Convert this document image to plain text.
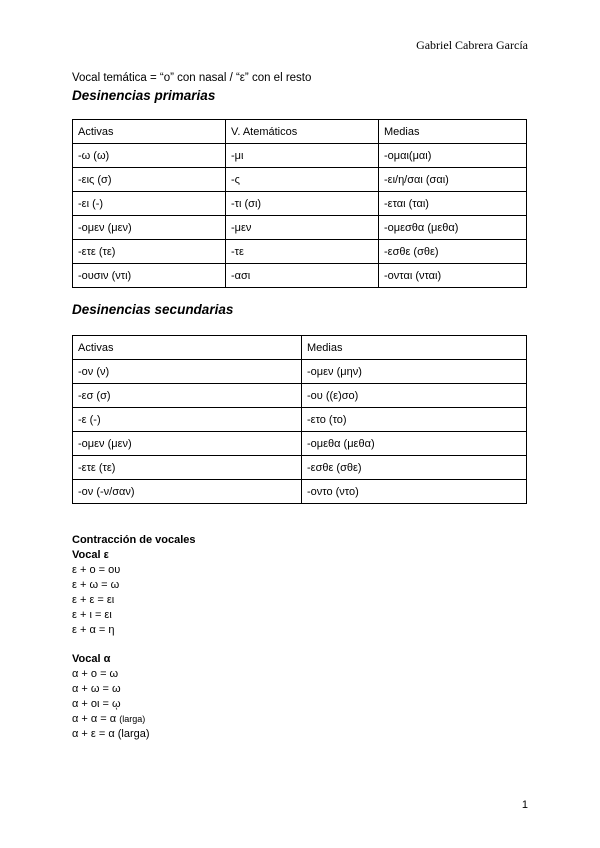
Gabriel Cabrera García
Vocal temática = “o” con nasal / “ε” con el resto
Desinencias primarias
Activas	V. Atemáticos	Medias
-ω (ω)	-μι	-ομαι(μαι)
-εις (σ)	-ς	-ει/η/σαι (σαι)
-ει (-)	-τι (σι)	-εται (ται)
-ομεν (μεν)	-μεν	-ομεσθα (μεθα)
-ετε (τε)	-τε	-εσθε (σθε)
-ουσιν (ντι)	-ασι	-ονται (νται)
Desinencias secundarias
Activas	Medias
-ον (ν)	-ομεν (μην)
-εσ (σ)	-ου ((ε)σο)
-ε (-)	-ετο (το)
-ομεν (μεν)	-ομεθα (μεθα)
-ετε (τε)	-εσθε (σθε)
-ον (-ν/σαν)	-οντο (ντο)
Contracción de vocales
Vocal ε
ε + ο = ου
ε + ω = ω
ε + ε = ει
ε + ι = ει
ε + α = η
Vocal α
α + ο = ω
α + ω = ω
α + οι = ῳ
α + α = α (larga)
α + ε = α (larga)
1
